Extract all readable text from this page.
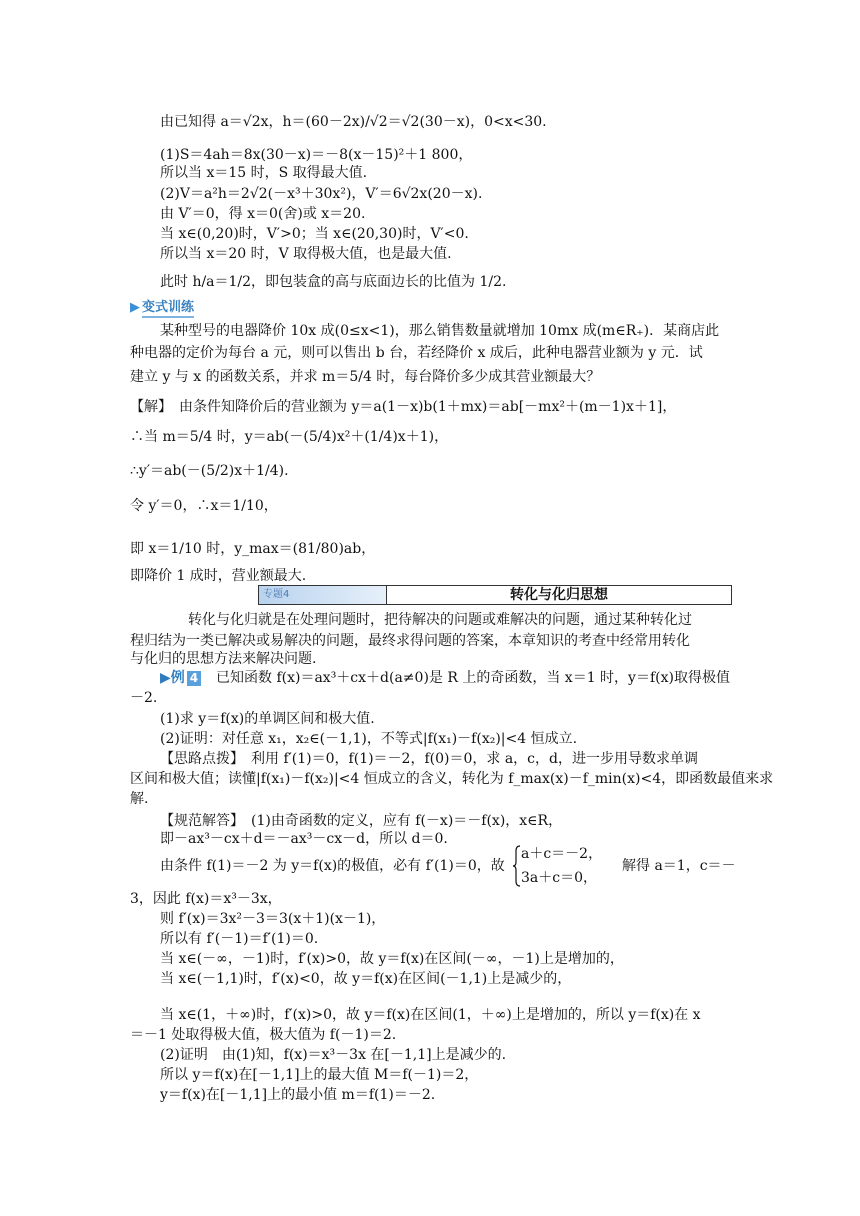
由已知得 a＝√2x，h＝(60－2x)/√2＝√2(30－x)，0<x<30.
(1)S＝4ah＝8x(30－x)＝－8(x－15)²＋1 800，
所以当 x＝15 时，S 取得最大值.
(2)V＝a²h＝2√2(－x³＋30x²)，V′＝6√2x(20－x).
由 V′＝0，得 x＝0(舍)或 x＝20.
当 x∈(0,20)时，V′>0；当 x∈(20,30)时，V′<0.
所以当 x＝20 时，V 取得极大值，也是最大值.
此时 h/a＝1/2，即包装盒的高与底面边长的比值为 1/2.
▶ 变式训练
某种型号的电器降价 10x 成(0≤x<1)，那么销售数量就增加 10mx 成(m∈R₊)．某商店此
种电器的定价为每台 a 元，则可以售出 b 台，若经降价 x 成后，此种电器营业额为 y 元．试
建立 y 与 x 的函数关系，并求 m＝5/4 时，每台降价多少成其营业额最大？
【解】　由条件知降价后的营业额为 y＝a(1－x)b(1＋mx)＝ab[－mx²＋(m－1)x＋1]，
∴当 m＝5/4 时，y＝ab(－(5/4)x²＋(1/4)x＋1)，
∴y′＝ab(－(5/2)x＋1/4).
令 y′＝0，∴x＝1/10，
即 x＝1/10 时，y_max＝(81/80)ab，
即降价 1 成时，营业额最大.
专题4	转化与化归思想
转化与化归就是在处理问题时，把待解决的问题或难解决的问题，通过某种转化过
程归结为一类已解决或易解决的问题，最终求得问题的答案，本章知识的考查中经常用转化
与化归的思想方法来解决问题.
▶例 4 已知函数 f(x)＝ax³＋cx＋d(a≠0)是 R 上的奇函数，当 x＝1 时，y＝f(x)取得极值
－2.
(1)求 y＝f(x)的单调区间和极大值.
(2)证明：对任意 x₁，x₂∈(－1,1)，不等式|f(x₁)－f(x₂)|<4 恒成立.
【思路点拨】　利用 f′(1)＝0，f(1)＝－2，f(0)＝0，求 a，c，d，进一步用导数求单调
区间和极大值；读懂|f(x₁)－f(x₂)|<4 恒成立的含义，转化为 f_max(x)－f_min(x)<4，即函数最值来求
解.
【规范解答】　(1)由奇函数的定义，应有 f(－x)＝－f(x)，x∈R，
即－ax³－cx＋d＝－ax³－cx－d，所以 d＝0.
由条件 f(1)＝－2 为 y＝f(x)的极值，必有 f′(1)＝0，故
a＋c＝－2，
3a＋c＝0，
解得 a＝1，c＝－
3，因此 f(x)＝x³－3x，
则 f′(x)＝3x²－3＝3(x＋1)(x－1)，
所以有 f′(－1)＝f′(1)＝0.
当 x∈(－∞，－1)时，f′(x)>0，故 y＝f(x)在区间(－∞，－1)上是增加的，
当 x∈(－1,1)时，f′(x)<0，故 y＝f(x)在区间(－1,1)上是减少的，
当 x∈(1，＋∞)时，f′(x)>0，故 y＝f(x)在区间(1，＋∞)上是增加的，所以 y＝f(x)在 x
＝－1 处取得极大值，极大值为 f(－1)＝2.
(2)证明　由(1)知，f(x)＝x³－3x 在[－1,1]上是减少的.
所以 y＝f(x)在[－1,1]上的最大值 M＝f(－1)＝2，
y＝f(x)在[－1,1]上的最小值 m＝f(1)＝－2.
